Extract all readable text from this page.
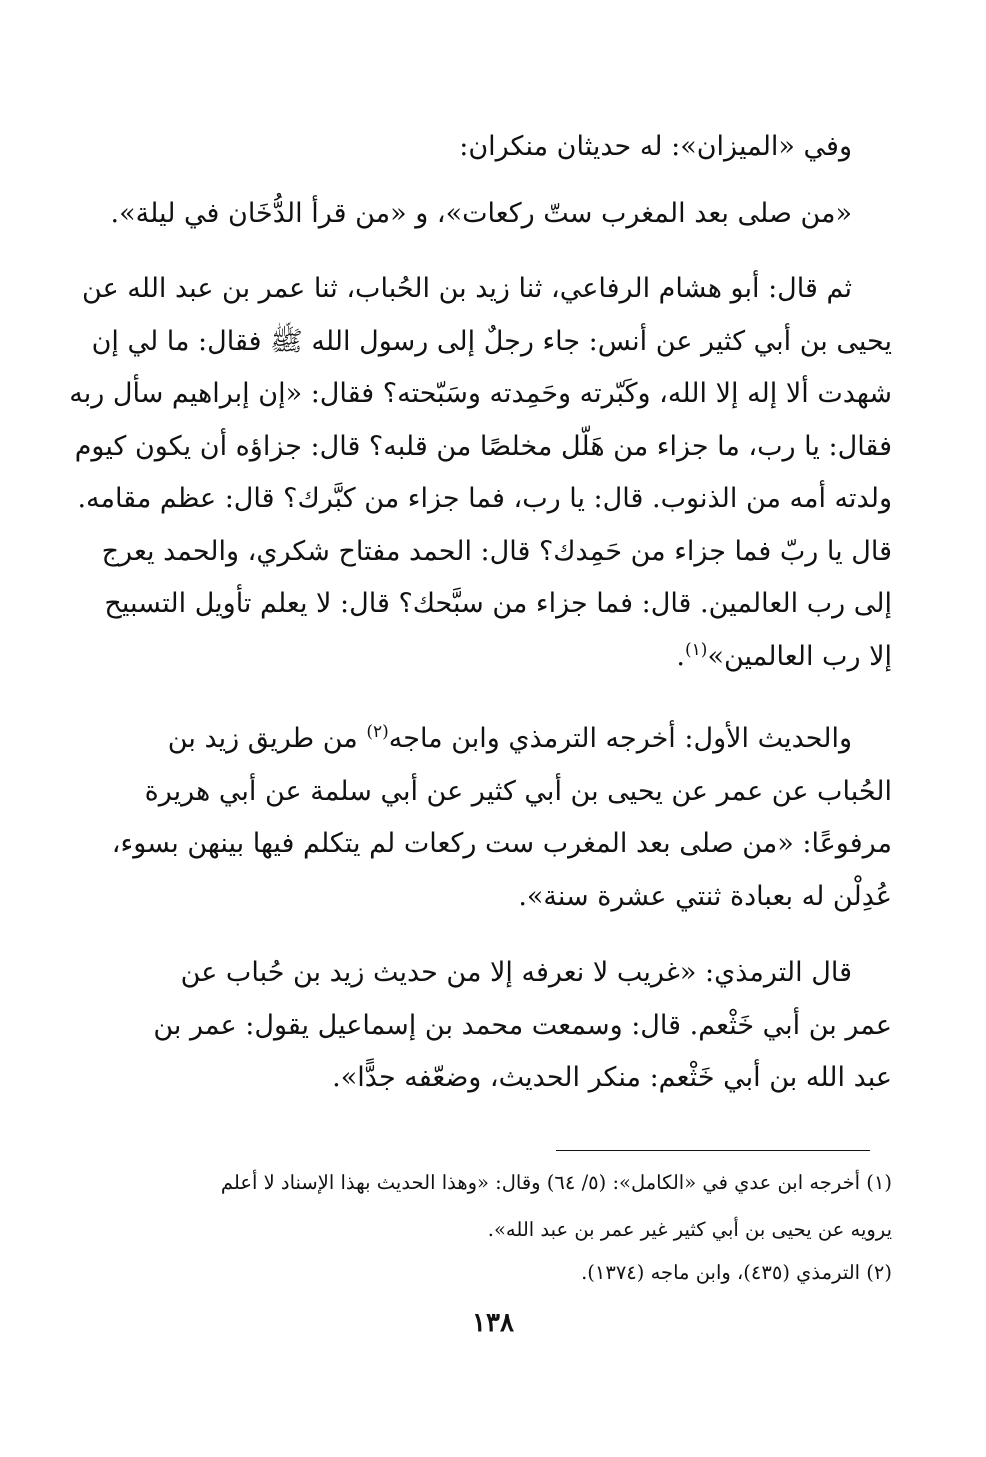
وفي «الميزان»: له حديثان منكران:

«من صلى بعد المغرب ستّ ركعات»، و «من قرأ الدُّخَان في ليلة».

ثم قال: أبو هشام الرفاعي، ثنا زيد بن الحُباب، ثنا عمر بن عبد الله عن
يحيى بن أبي كثير عن أنس: جاء رجلٌ إلى رسول الله ﷺ فقال: ما لي إن
شهدت ألا إله إلا الله، وكَبّرته وحَمِدته وسَبّحته؟ فقال: «إن إبراهيم سأل ربه
فقال: يا رب، ما جزاء من هَلّل مخلصًا من قلبه؟ قال: جزاؤه أن يكون كيوم
ولدته أمه من الذنوب. قال: يا رب، فما جزاء من كبَّرك؟ قال: عظم مقامه.
قال يا ربّ فما جزاء من حَمِدك؟ قال: الحمد مفتاح شكري، والحمد يعرج
إلى رب العالمين. قال: فما جزاء من سبَّحك؟ قال: لا يعلم تأويل التسبيح
إلا رب العالمين»$^{(١)}$.

والحديث الأول: أخرجه الترمذي وابن ماجه$^{(٢)}$ من طريق زيد بن
الحُباب عن عمر عن يحيى بن أبي كثير عن أبي سلمة عن أبي هريرة
مرفوعًا: «من صلى بعد المغرب ست ركعات لم يتكلم فيها بينهن بسوء،
عُدِلْن له بعبادة ثنتي عشرة سنة».

قال الترمذي: «غريب لا نعرفه إلا من حديث زيد بن حُباب عن
عمر بن أبي خَثْعم. قال: وسمعت محمد بن إسماعيل يقول: عمر بن
عبد الله بن أبي خَثْعم: منكر الحديث، وضعّفه جدًّا».

(١) أخرجه ابن عدي في «الكامل»: (٥/ ٦٤) وقال: «وهذا الحديث بهذا الإسناد لا أعلم

يرويه عن يحيى بن أبي كثير غير عمر بن عبد الله».

(٢) الترمذي (٤٣٥)، وابن ماجه (١٣٧٤).

١٣٨
